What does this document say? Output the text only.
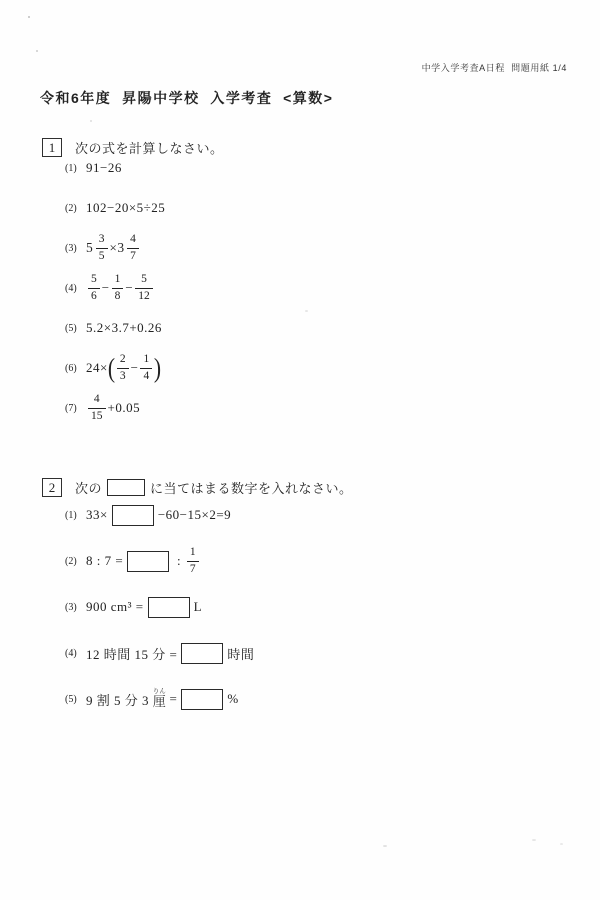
中学入学考査A日程  問題用紙 1/4
令和6年度  昇陽中学校  入学考査  <算数>
1	次の式を計算しなさい。
(1) 91−26
(2) 102−20×5÷25
(3) $5 \frac{3}{5} \times 3 \frac{4}{7}$
$(4) \frac{5}{6} - \frac{1}{8} - \frac{5}{12}$
(5) 5.2×3.7+0.26
(6) 24× ( $\frac{2}{3} - \frac{1}{4}$ )
$(7) \frac{4}{15} +0.05$
2	次の	に当てはまる数字を入れなさい。
(1) 33×	−60−15×2=9
(2) 8 : 7 =	: $\frac{1}{7}$
(3) 900 cm³ =	L
(4) 12 時間 15 分 =	時間
(5) 9 割 5 分 3 厘りん =	%
